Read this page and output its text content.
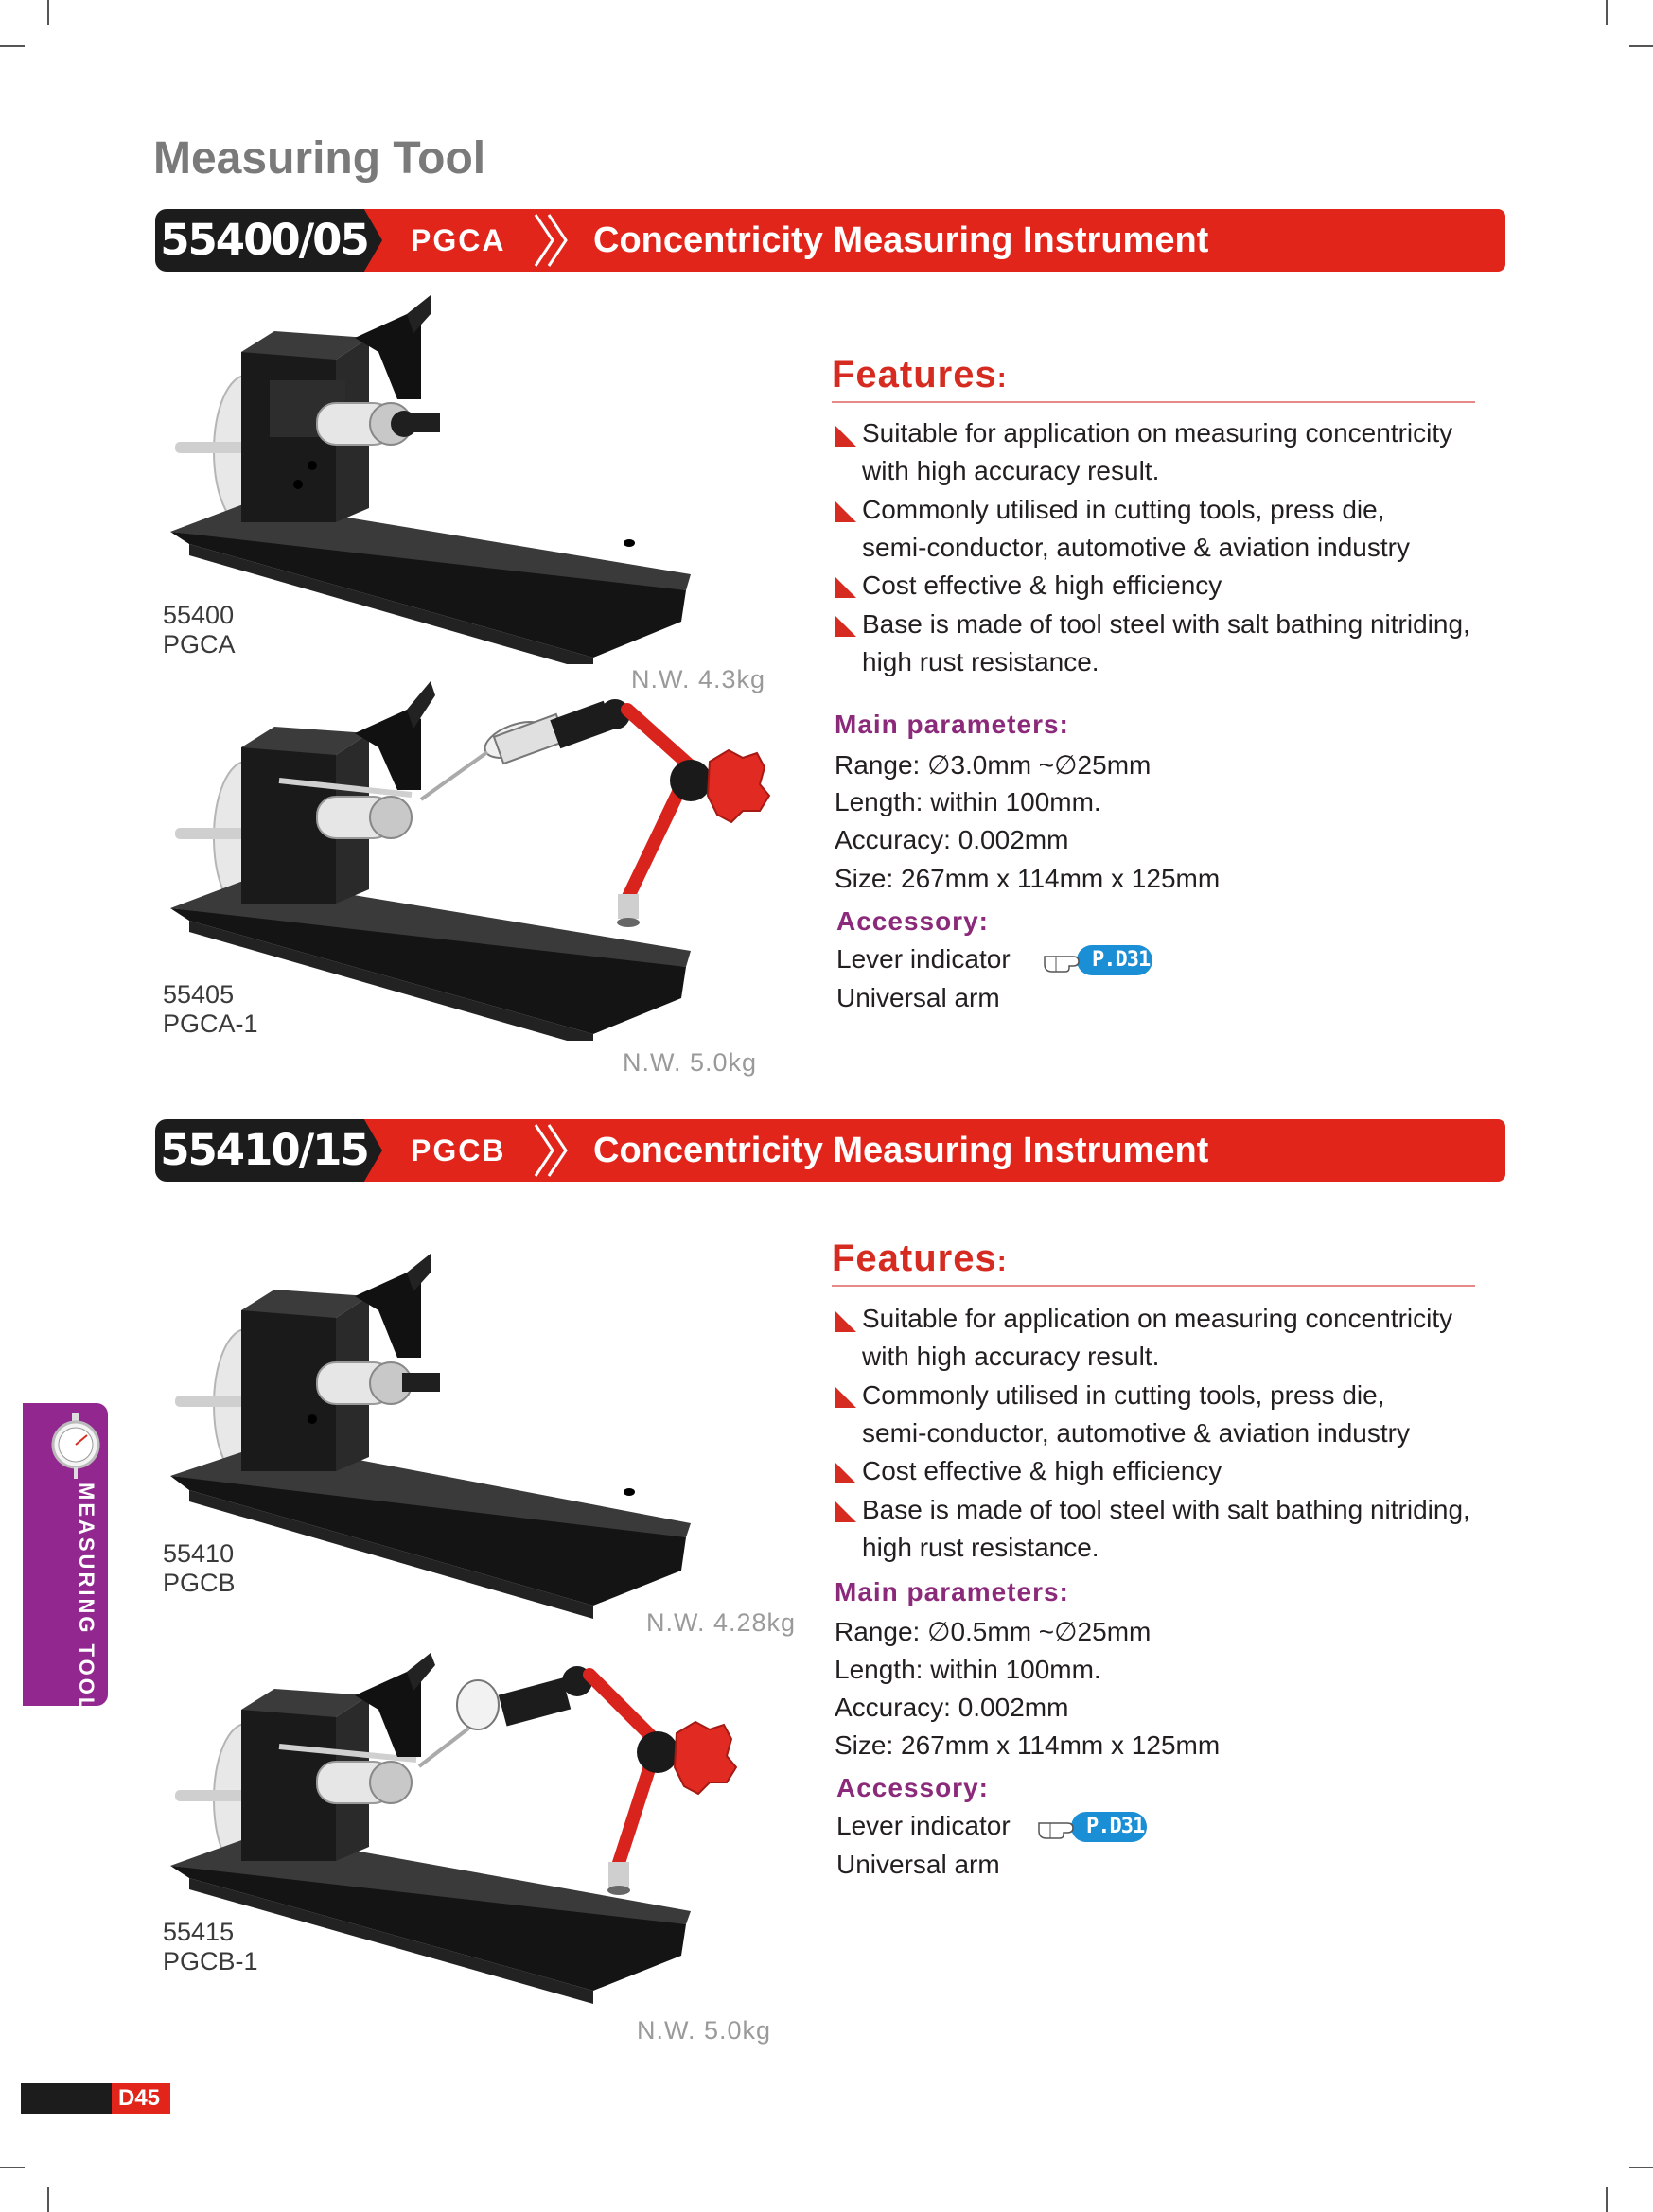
Measuring Tool
55400/05 PGCA Concentricity Measuring Instrument
55400
PGCA
N.W. 4.3kg
55405
PGCA-1
N.W. 5.0kg
Features:
Suitable for application on measuring concentricity
with high accuracy result.
Commonly utilised in cutting tools, press die,
semi-conductor, automotive & aviation industry
Cost effective & high efficiency
Base is made of tool steel with salt bathing nitriding,
high rust resistance.
Main parameters:
Range: ∅3.0mm ~∅25mm
Length: within 100mm.
Accuracy: 0.002mm
Size: 267mm x 114mm x 125mm
Accessory:
Lever indicator	P.D31
Universal arm
55410/15 PGCB Concentricity Measuring Instrument
55410
PGCB
N.W. 4.28kg
55415
PGCB-1
N.W. 5.0kg
Features:
Suitable for application on measuring concentricity
with high accuracy result.
Commonly utilised in cutting tools, press die,
semi-conductor, automotive & aviation industry
Cost effective & high efficiency
Base is made of tool steel with salt bathing nitriding,
high rust resistance.
Main parameters:
Range: ∅0.5mm ~∅25mm
Length: within 100mm.
Accuracy: 0.002mm
Size: 267mm x 114mm x 125mm
Accessory:
Lever indicator	P.D31
Universal arm
MEASURING TOOL
D45
